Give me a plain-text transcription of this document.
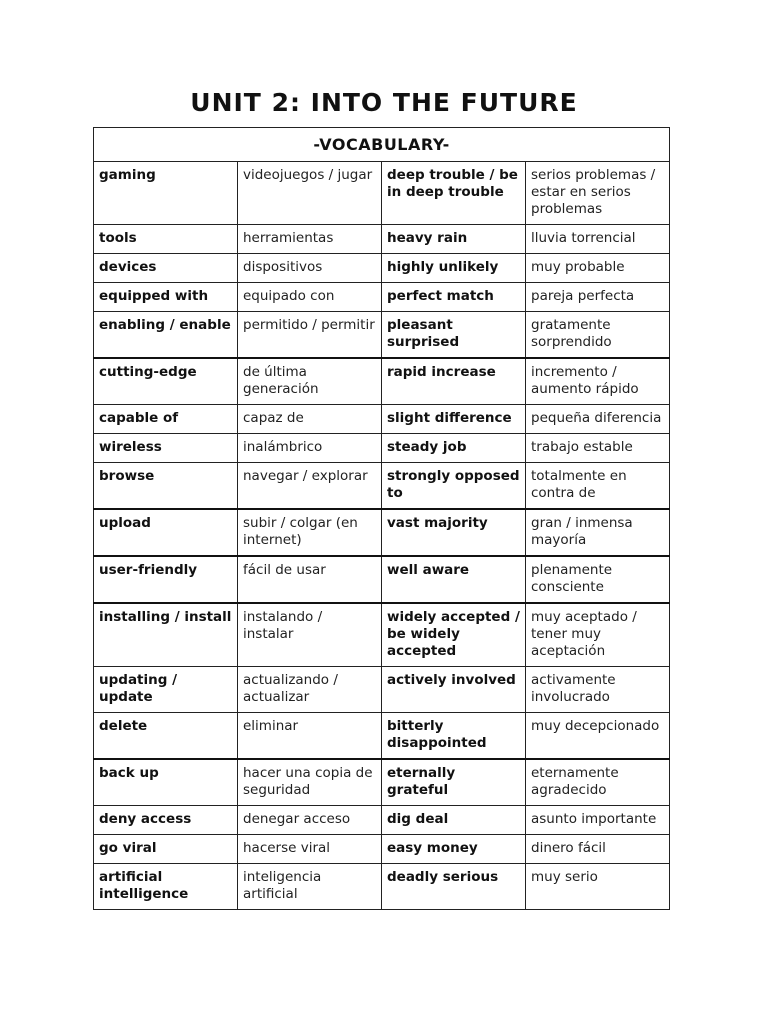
UNIT 2: INTO THE FUTURE
-VOCABULARY-			
gaming	videojuegos / jugar	deep trouble / be in deep trouble	serios problemas / estar en serios problemas
tools	herramientas	heavy rain	lluvia torrencial
devices	dispositivos	highly unlikely	muy probable
equipped with	equipado con	perfect match	pareja perfecta
enabling / enable	permitido / permitir	pleasant surprised	gratamente sorprendido
cutting-edge	de última generación	rapid increase	incremento / aumento rápido
capable of	capaz de	slight difference	pequeña diferencia
wireless	inalámbrico	steady job	trabajo estable
browse	navegar / explorar	strongly opposed to	totalmente en contra de
upload	subir / colgar (en internet)	vast majority	gran / inmensa mayoría
user-friendly	fácil de usar	well aware	plenamente consciente
installing / install	instalando / instalar	widely accepted / be widely accepted	muy aceptado / tener muy aceptación
updating / update	actualizando / actualizar	actively involved	activamente involucrado
delete	eliminar	bitterly disappointed	muy decepcionado
back up	hacer una copia de seguridad	eternally grateful	eternamente agradecido
deny access	denegar acceso	dig deal	asunto importante
go viral	hacerse viral	easy money	dinero fácil
artificial intelligence	inteligencia artificial	deadly serious	muy serio
